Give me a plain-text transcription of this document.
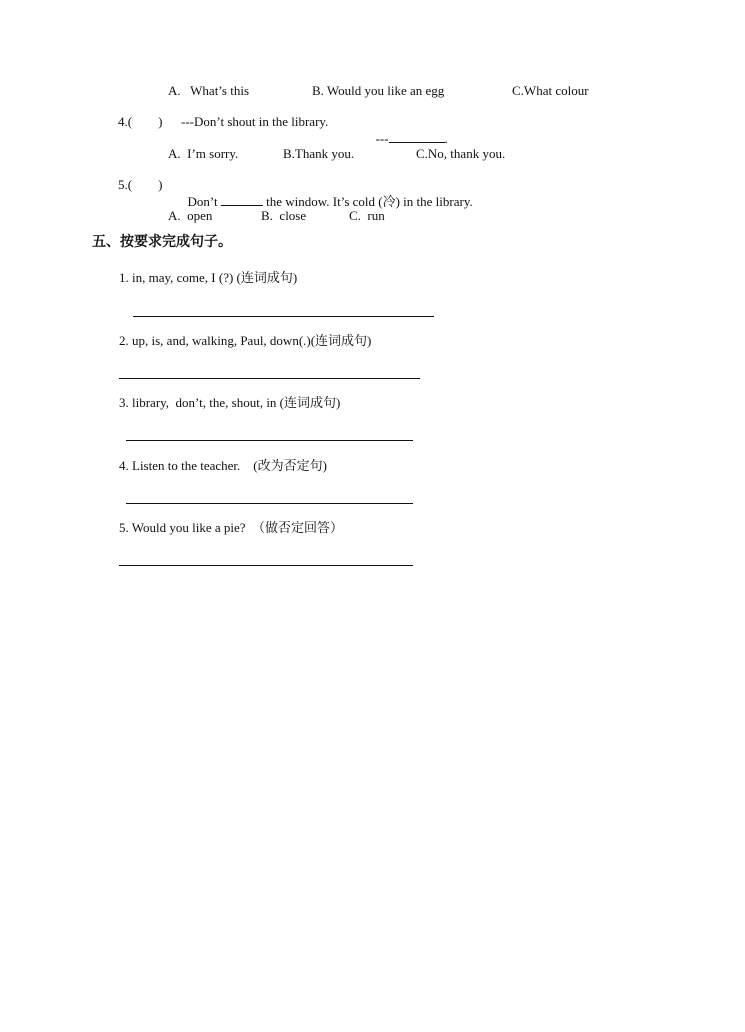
A.   What’s this	B. Would you like an egg	C.What colour
4.(        ) ---Don’t shout in the library.

---	.

A.  I’m sorry.	B.Thank you.	C.No, thank you.
5.(        )

Don’t	the window. It’s cold (冷) in the library.

A.  open	B.  close	C.  run
五、按要求完成句子。
1. in, may, come, I (?) (连词成句)
2. up, is, and, walking, Paul, down(.)(连词成句)
3. library,  don’t, the, shout, in (连词成句)
4. Listen to the teacher.    (改为否定句)
5. Would you like a pie?  （做否定回答）
